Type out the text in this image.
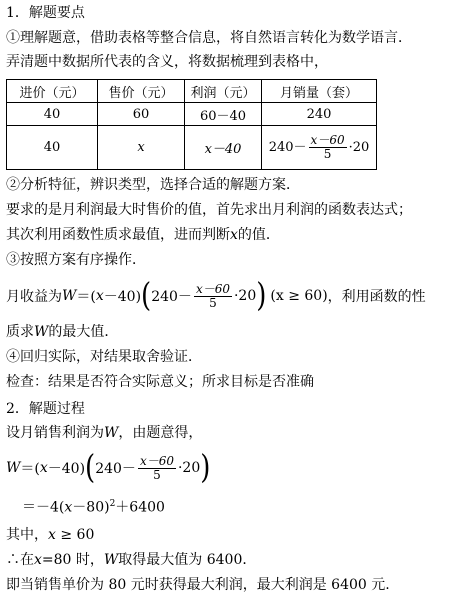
1．解题要点
①理解题意，借助表格等整合信息，将自然语言转化为数学语言．
弄清题中数据所代表的含义，将数据梳理到表格中，
进价（元）	售价（元）	利润（元）	月销量（套）
40	60	60－40	240
40	x	x－40	$240- \frac{x-60}{5} \cdot 20$
②分析特征，辨识类型，选择合适的解题方案．
要求的是月利润最大时售价的值，首先求出月利润的函数表达式；
其次利用函数性质求最值，进而判断x的值．
③按照方案有序操作．
月收益为 W ＝( x －40) ( $240- \frac{x-60}{5} \cdot 20$ ) (x ≥ 60) ，利用函数的性
质求W的最大值．
④回归实际，对结果取舍验证．
检查：结果是否符合实际意义；所求目标是否准确
2．解题过程
设月销售利润为W，由题意得，
W ＝( x －40) ( $240- \frac{x-60}{5} \cdot 20$ )
$=-4(x-80)^2+6400$
其中，x ≥ 60
∴在x=80 时，W取得最大值为 6400．
即当销售单价为 80 元时获得最大利润，最大利润是 6400 元.
